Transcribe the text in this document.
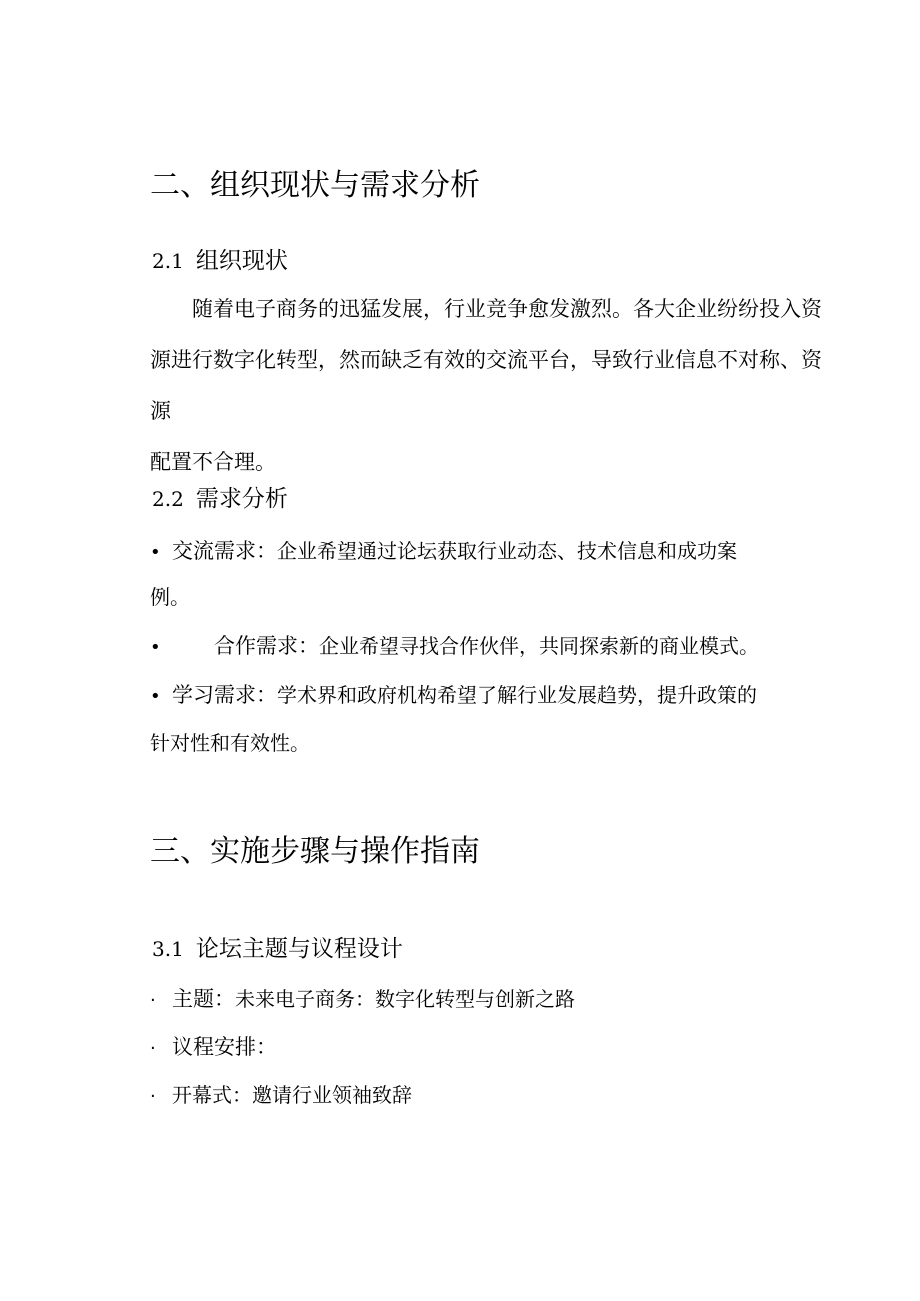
二、组织现状与需求分析
2.1 组织现状
随着电子商务的迅猛发展，行业竞争愈发激烈。各大企业纷纷投入资
源进行数字化转型，然而缺乏有效的交流平台，导致行业信息不对称、资源
配置不合理。
2.2 需求分析
• 交流需求：企业希望通过论坛获取行业动态、技术信息和成功案
例。
•	合作需求：企业希望寻找合作伙伴，共同探索新的商业模式。
• 学习需求：学术界和政府机构希望了解行业发展趋势，提升政策的
针对性和有效性。
三、实施步骤与操作指南
3.1 论坛主题与议程设计
· 主题：未来电子商务：数字化转型与创新之路
· 议程安排：
· 开幕式：邀请行业领袖致辞
